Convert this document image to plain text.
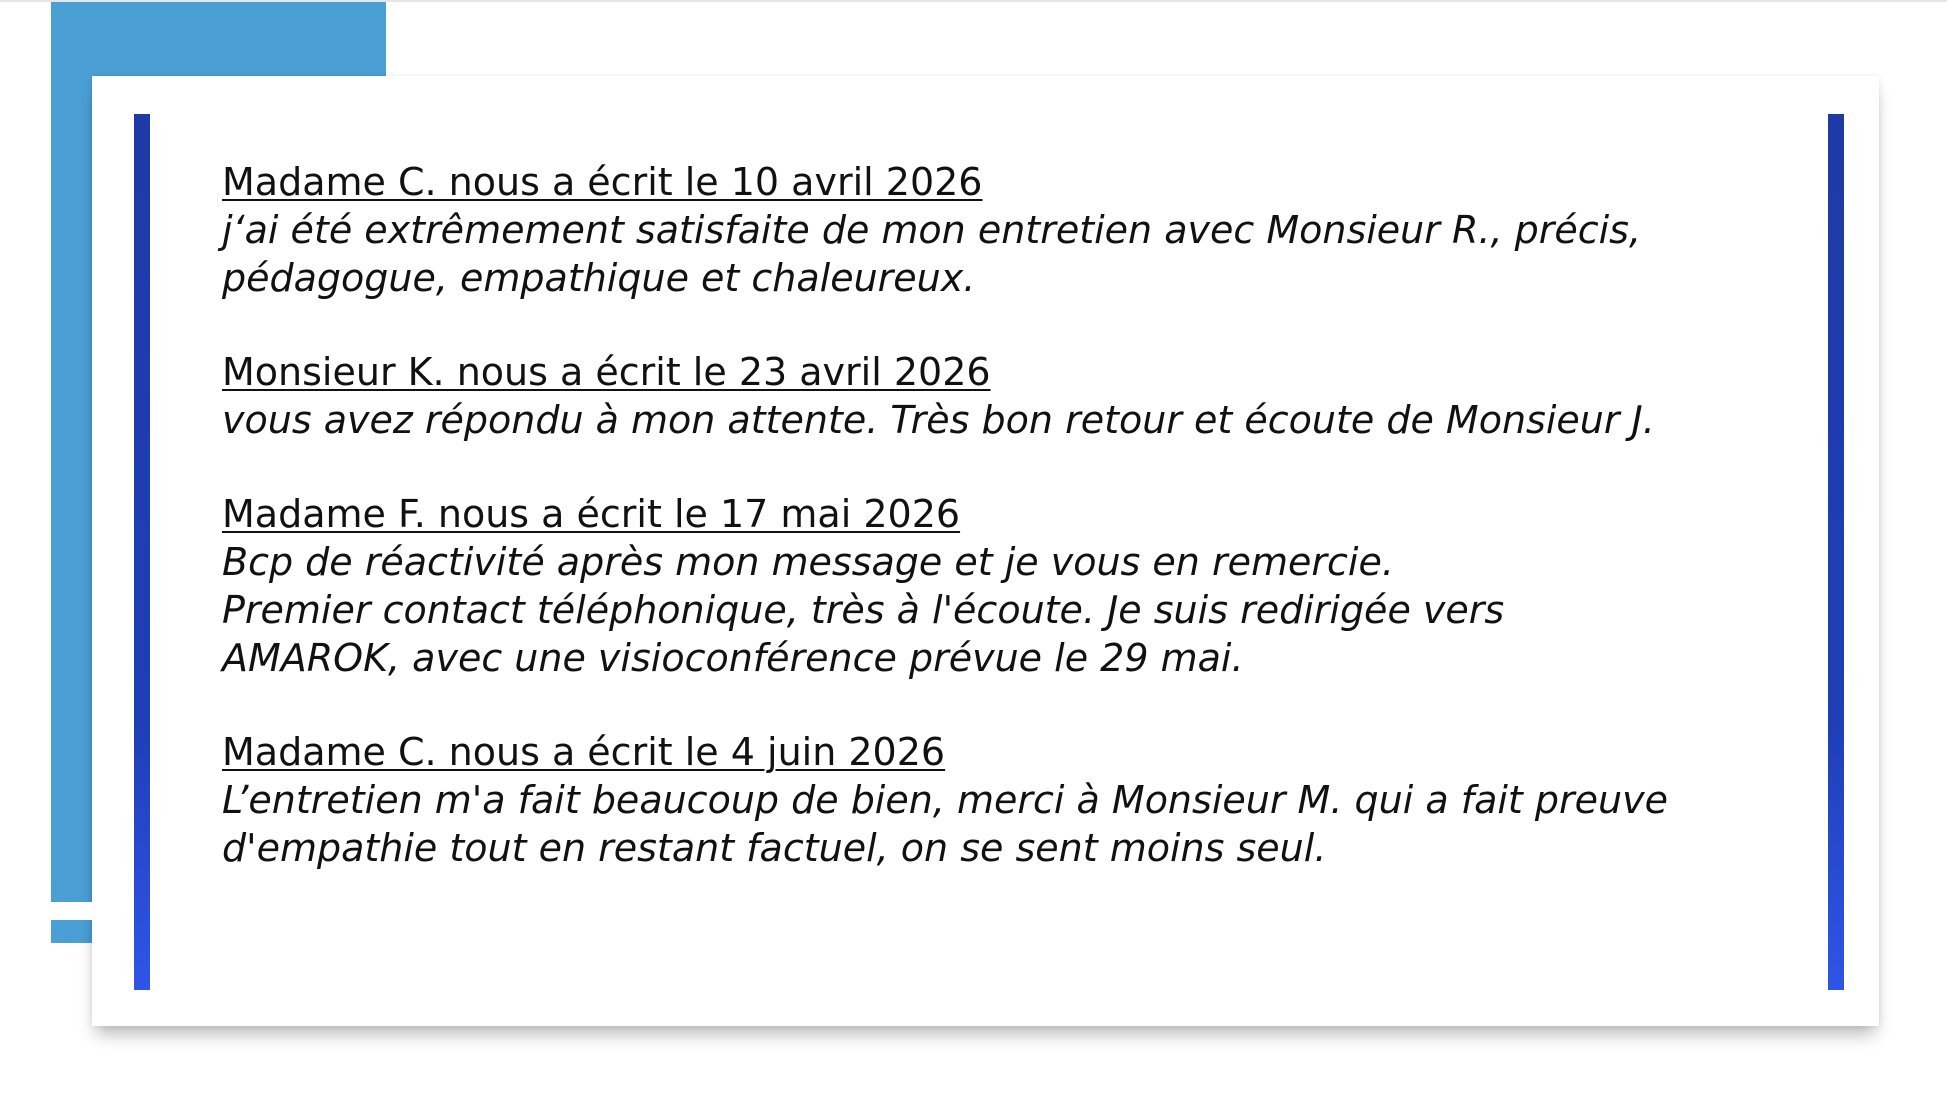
Madame C. nous a écrit le 10 avril 2026
j‘ai été extrêmement satisfaite de mon entretien avec Monsieur R., précis,
pédagogue, empathique et chaleureux.
Monsieur K. nous a écrit le 23 avril 2026
vous avez répondu à mon attente. Très bon retour et écoute de Monsieur J.
Madame F. nous a écrit le 17 mai 2026
Bcp de réactivité après mon message et je vous en remercie.
Premier contact téléphonique, très à l'écoute. Je suis redirigée vers
AMAROK, avec une visioconférence prévue le 29 mai.
Madame C. nous a écrit le 4 juin 2026
L’entretien m'a fait beaucoup de bien, merci à Monsieur M. qui a fait preuve
d'empathie tout en restant factuel, on se sent moins seul.
